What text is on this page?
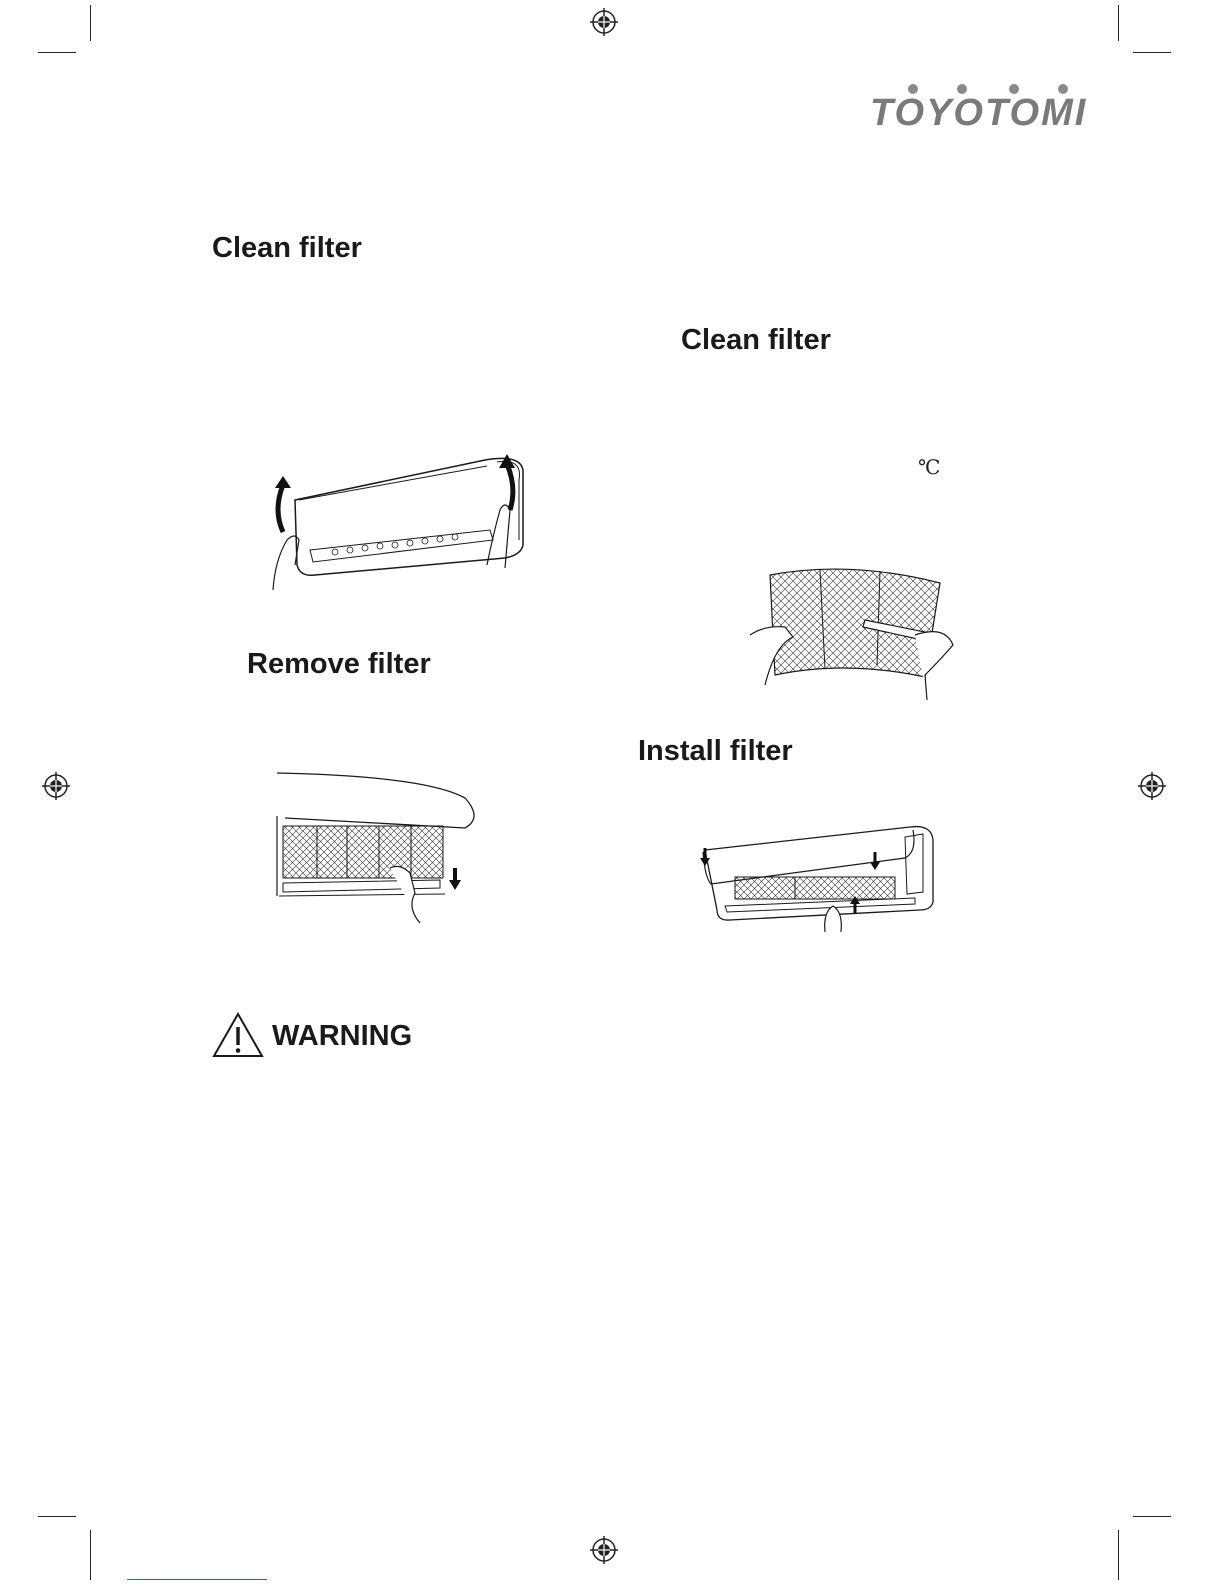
TOYOTOMI
Clean filter
Clean filter
Remove filter
Install filter
℃
WARNING
